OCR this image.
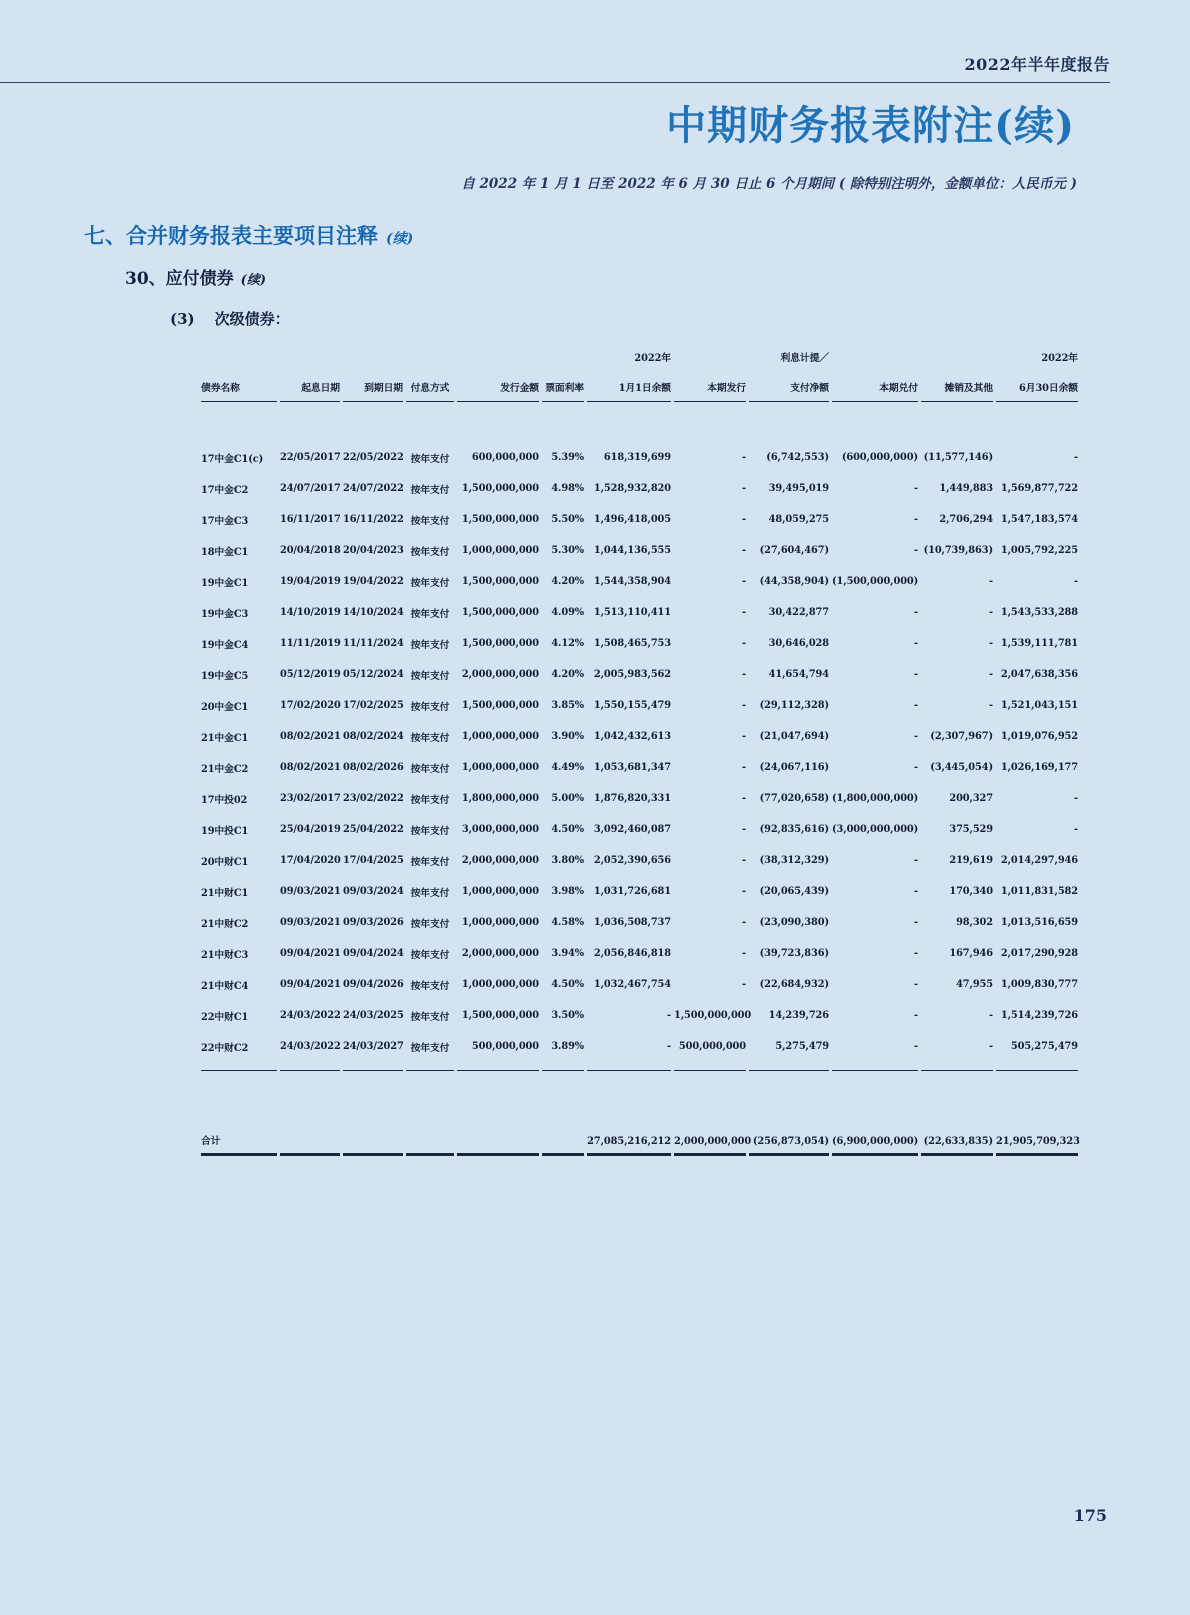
2022年半年度报告
中期财务报表附注(续)
自 2022 年 1 月 1 日至 2022 年 6 月 30 日止 6 个月期间 ( 除特别注明外，金额单位：人民币元 )
七、合并财务报表主要项目注释 (续)
30、应付债券 (续)
(3) 次级债券：
						2022年		利息计提／			2022年
债券名称	起息日期	到期日期	付息方式	发行金额	票面利率	1月1日余额	本期发行	支付净额	本期兑付	摊销及其他	6月30日余额
17中金C1(c)	22/05/2017	22/05/2022	按年支付	600,000,000	5.39%	618,319,699	-	(6,742,553)	(600,000,000)	(11,577,146)	-
17中金C2	24/07/2017	24/07/2022	按年支付	1,500,000,000	4.98%	1,528,932,820	-	39,495,019	-	1,449,883	1,569,877,722
17中金C3	16/11/2017	16/11/2022	按年支付	1,500,000,000	5.50%	1,496,418,005	-	48,059,275	-	2,706,294	1,547,183,574
18中金C1	20/04/2018	20/04/2023	按年支付	1,000,000,000	5.30%	1,044,136,555	-	(27,604,467)	-	(10,739,863)	1,005,792,225
19中金C1	19/04/2019	19/04/2022	按年支付	1,500,000,000	4.20%	1,544,358,904	-	(44,358,904)	(1,500,000,000)	-	-
19中金C3	14/10/2019	14/10/2024	按年支付	1,500,000,000	4.09%	1,513,110,411	-	30,422,877	-	-	1,543,533,288
19中金C4	11/11/2019	11/11/2024	按年支付	1,500,000,000	4.12%	1,508,465,753	-	30,646,028	-	-	1,539,111,781
19中金C5	05/12/2019	05/12/2024	按年支付	2,000,000,000	4.20%	2,005,983,562	-	41,654,794	-	-	2,047,638,356
20中金C1	17/02/2020	17/02/2025	按年支付	1,500,000,000	3.85%	1,550,155,479	-	(29,112,328)	-	-	1,521,043,151
21中金C1	08/02/2021	08/02/2024	按年支付	1,000,000,000	3.90%	1,042,432,613	-	(21,047,694)	-	(2,307,967)	1,019,076,952
21中金C2	08/02/2021	08/02/2026	按年支付	1,000,000,000	4.49%	1,053,681,347	-	(24,067,116)	-	(3,445,054)	1,026,169,177
17中投02	23/02/2017	23/02/2022	按年支付	1,800,000,000	5.00%	1,876,820,331	-	(77,020,658)	(1,800,000,000)	200,327	-
19中投C1	25/04/2019	25/04/2022	按年支付	3,000,000,000	4.50%	3,092,460,087	-	(92,835,616)	(3,000,000,000)	375,529	-
20中财C1	17/04/2020	17/04/2025	按年支付	2,000,000,000	3.80%	2,052,390,656	-	(38,312,329)	-	219,619	2,014,297,946
21中财C1	09/03/2021	09/03/2024	按年支付	1,000,000,000	3.98%	1,031,726,681	-	(20,065,439)	-	170,340	1,011,831,582
21中财C2	09/03/2021	09/03/2026	按年支付	1,000,000,000	4.58%	1,036,508,737	-	(23,090,380)	-	98,302	1,013,516,659
21中财C3	09/04/2021	09/04/2024	按年支付	2,000,000,000	3.94%	2,056,846,818	-	(39,723,836)	-	167,946	2,017,290,928
21中财C4	09/04/2021	09/04/2026	按年支付	1,000,000,000	4.50%	1,032,467,754	-	(22,684,932)	-	47,955	1,009,830,777
22中财C1	24/03/2022	24/03/2025	按年支付	1,500,000,000	3.50%	-	1,500,000,000	14,239,726	-	-	1,514,239,726
22中财C2	24/03/2022	24/03/2027	按年支付	500,000,000	3.89%	-	500,000,000	5,275,479	-	-	505,275,479
合计						27,085,216,212	2,000,000,000	(256,873,054)	(6,900,000,000)	(22,633,835)	21,905,709,323
175
